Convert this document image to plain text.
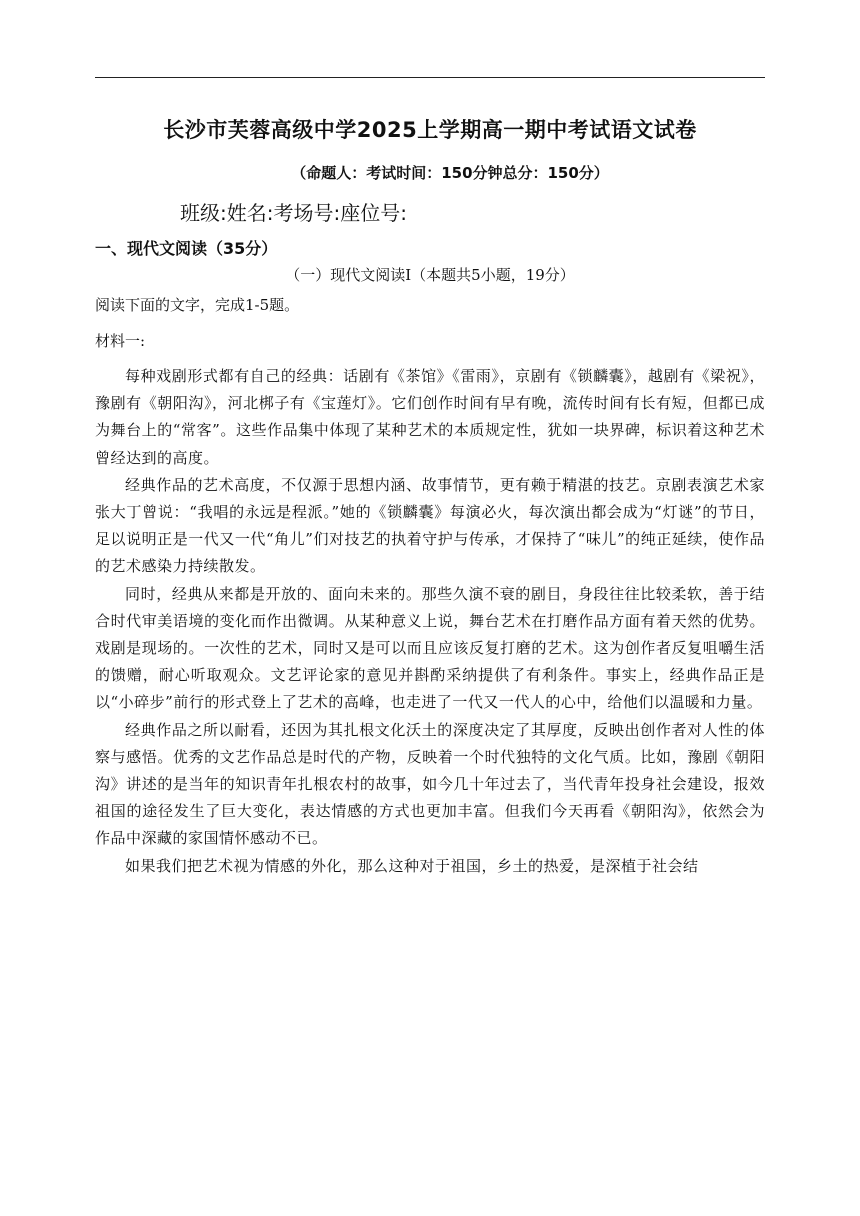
长沙市芙蓉高级中学2025上学期高一期中考试语文试卷
（命题人：考试时间：150分钟总分：150分）
班级: 姓名: 考场号: 座位号:
一、现代文阅读（35分）
（一）现代文阅读Ⅰ（本题共5小题，19分）
阅读下面的文字，完成1-5题。
材料一:

每种戏剧形式都有自己的经典：话剧有《茶馆》《雷雨》，京剧有《锁麟囊》，越剧有《梁祝》，豫剧有《朝阳沟》，河北梆子有《宝莲灯》。它们创作时间有早有晚，流传时间有长有短，但都已成为舞台上的“常客”。这些作品集中体现了某种艺术的本质规定性，犹如一块界碑，标识着这种艺术曾经达到的高度。

经典作品的艺术高度，不仅源于思想内涵、故事情节，更有赖于精湛的技艺。京剧表演艺术家张大丁曾说：“我唱的永远是程派。”她的《锁麟囊》每演必火，每次演出都会成为“灯谜”的节日，足以说明正是一代又一代“角儿”们对技艺的执着守护与传承，才保持了“味儿”的纯正延续，使作品的艺术感染力持续散发。

同时，经典从来都是开放的、面向未来的。那些久演不衰的剧目，身段往往比较柔软，善于结合时代审美语境的变化而作出微调。从某种意义上说，舞台艺术在打磨作品方面有着天然的优势。戏剧是现场的。一次性的艺术，同时又是可以而且应该反复打磨的艺术。这为创作者反复咀嚼生活的馈赠，耐心听取观众。文艺评论家的意见并斟酌采纳提供了有利条件。事实上，经典作品正是以“小碎步”前行的形式登上了艺术的高峰，也走进了一代又一代人的心中，给他们以温暖和力量。

经典作品之所以耐看，还因为其扎根文化沃土的深度决定了其厚度，反映出创作者对人性的体察与感悟。优秀的文艺作品总是时代的产物，反映着一个时代独特的文化气质。比如，豫剧《朝阳沟》讲述的是当年的知识青年扎根农村的故事，如今几十年过去了，当代青年投身社会建设，报效祖国的途径发生了巨大变化，表达情感的方式也更加丰富。但我们今天再看《朝阳沟》，依然会为作品中深藏的家国情怀感动不已。

如果我们把艺术视为情感的外化，那么这种对于祖国，乡土的热爱，是深植于社会结
